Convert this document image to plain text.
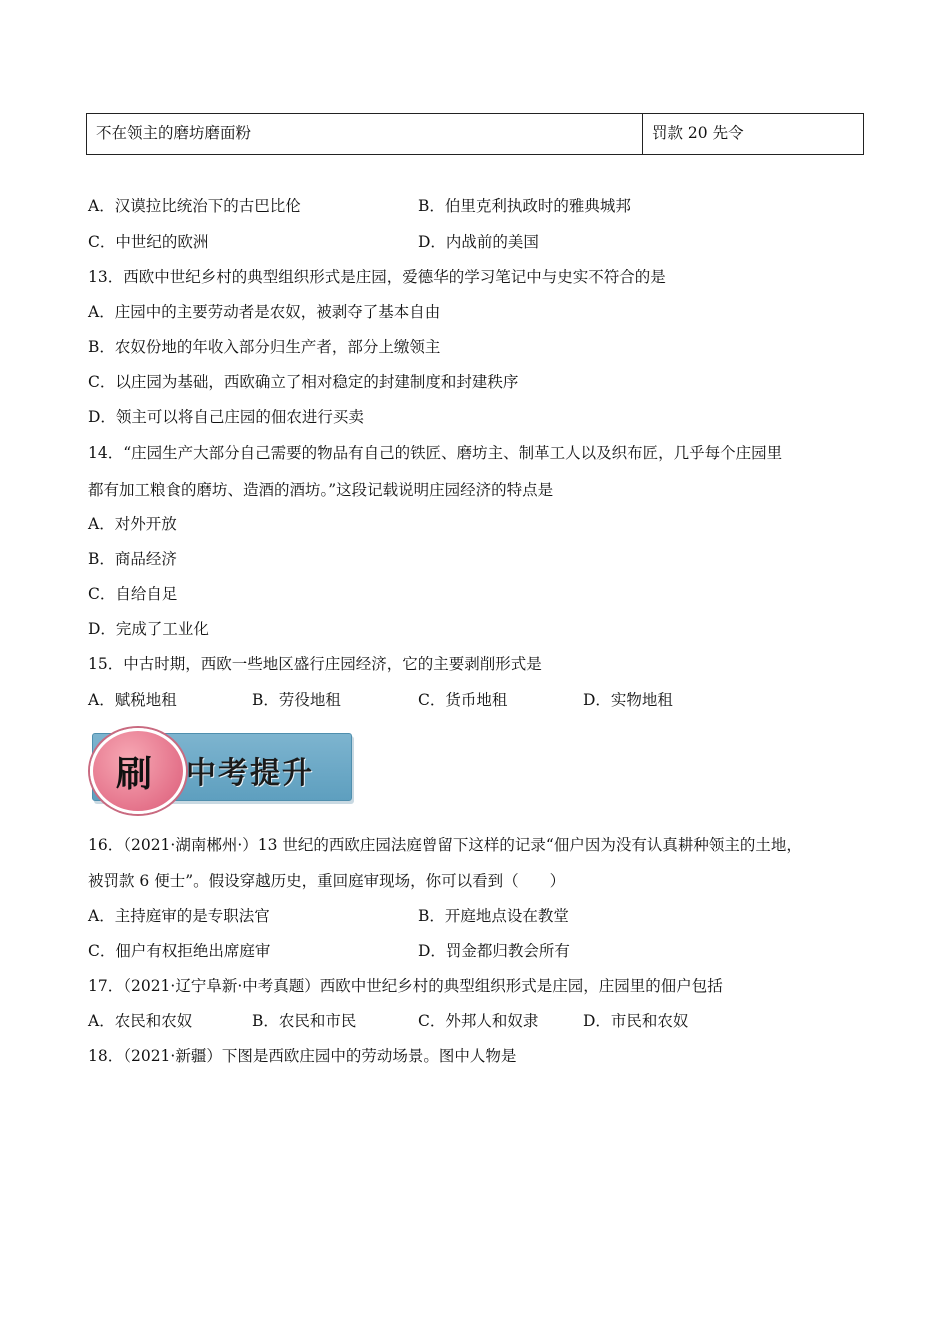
不在领主的磨坊磨面粉	罚款 20 先令
A．汉谟拉比统治下的古巴比伦	B．伯里克利执政时的雅典城邦
C．中世纪的欧洲	D．内战前的美国
13．西欧中世纪乡村的典型组织形式是庄园，爱德华的学习笔记中与史实不符合的是
A．庄园中的主要劳动者是农奴，被剥夺了基本自由
B．农奴份地的年收入部分归生产者，部分上缴领主
C．以庄园为基础，西欧确立了相对稳定的封建制度和封建秩序
D．领主可以将自己庄园的佃农进行买卖
14．“庄园生产大部分自己需要的物品有自己的铁匠、磨坊主、制革工人以及织布匠，几乎每个庄园里
都有加工粮食的磨坊、造酒的酒坊。”这段记载说明庄园经济的特点是
A．对外开放
B．商品经济
C．自给自足
D．完成了工业化
15．中古时期，西欧一些地区盛行庄园经济，它的主要剥削形式是
A．赋税地租	B．劳役地租	C．货币地租	D．实物地租
中考提升
刷
16．（2021·湖南郴州·）13 世纪的西欧庄园法庭曾留下这样的记录“佃户因为没有认真耕种领主的土地，
被罚款 6 便士”。假设穿越历史，重回庭审现场，你可以看到（　　）
A．主持庭审的是专职法官	B．开庭地点设在教堂
C．佃户有权拒绝出席庭审	D．罚金都归教会所有
17．（2021·辽宁阜新·中考真题）西欧中世纪乡村的典型组织形式是庄园，庄园里的佃户包括
A．农民和农奴	B．农民和市民	C．外邦人和奴隶	D．市民和农奴
18．（2021·新疆）下图是西欧庄园中的劳动场景。图中人物是
